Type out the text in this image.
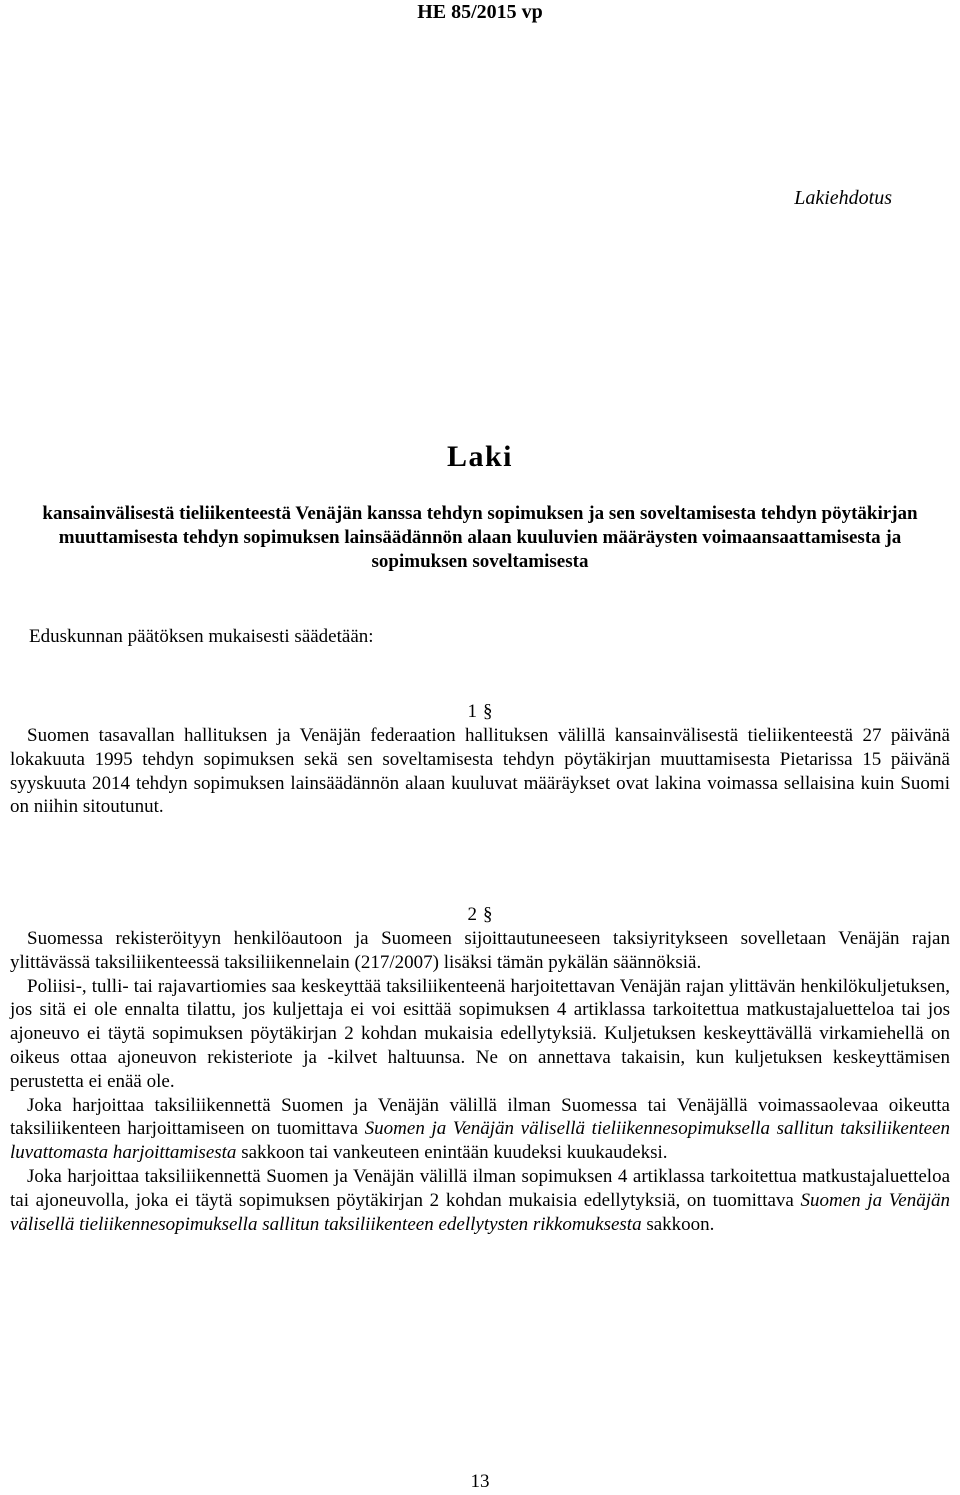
HE 85/2015 vp
Lakiehdotus
Laki
kansainvälisestä tieliikenteestä Venäjän kanssa tehdyn sopimuksen ja sen soveltamisesta tehdyn pöytäkirjan muuttamisesta tehdyn sopimuksen lainsäädännön alaan kuuluvien määräysten voimaansaattamisesta ja sopimuksen soveltamisesta
Eduskunnan päätöksen mukaisesti säädetään:
1 §

Suomen tasavallan hallituksen ja Venäjän federaation hallituksen välillä kansainvälisestä tieliikenteestä 27 päivänä lokakuuta 1995 tehdyn sopimuksen sekä sen soveltamisesta tehdyn pöytäkirjan muuttamisesta Pietarissa 15 päivänä syyskuuta 2014 tehdyn sopimuksen lainsäädännön alaan kuuluvat määräykset ovat lakina voimassa sellaisina kuin Suomi on niihin sitoutunut.

2 §

Suomessa rekisteröityyn henkilöautoon ja Suomeen sijoittautuneeseen taksiyritykseen sovelletaan Venäjän rajan ylittävässä taksiliikenteessä taksiliikennelain (217/2007) lisäksi tämän pykälän säännöksiä.

Poliisi-, tulli- tai rajavartiomies saa keskeyttää taksiliikenteenä harjoitettavan Venäjän rajan ylittävän henkilökuljetuksen, jos sitä ei ole ennalta tilattu, jos kuljettaja ei voi esittää sopimuksen 4 artiklassa tarkoitettua matkustajaluetteloa tai jos ajoneuvo ei täytä sopimuksen pöytäkirjan 2 kohdan mukaisia edellytyksiä. Kuljetuksen keskeyttävällä virkamiehellä on oikeus ottaa ajoneuvon rekisteriote ja -kilvet haltuunsa. Ne on annettava takaisin, kun kuljetuksen keskeyttämisen perustetta ei enää ole.

Joka harjoittaa taksiliikennettä Suomen ja Venäjän välillä ilman Suomessa tai Venäjällä voimassaolevaa oikeutta taksiliikenteen harjoittamiseen on tuomittava Suomen ja Venäjän välisellä tieliikennesopimuksella sallitun taksiliikenteen luvattomasta harjoittamisesta sakkoon tai vankeuteen enintään kuudeksi kuukaudeksi.

Joka harjoittaa taksiliikennettä Suomen ja Venäjän välillä ilman sopimuksen 4 artiklassa tarkoitettua matkustajaluetteloa tai ajoneuvolla, joka ei täytä sopimuksen pöytäkirjan 2 kohdan mukaisia edellytyksiä, on tuomittava Suomen ja Venäjän välisellä tieliikennesopimuksella sallitun taksiliikenteen edellytysten rikkomuksesta sakkoon.

13
